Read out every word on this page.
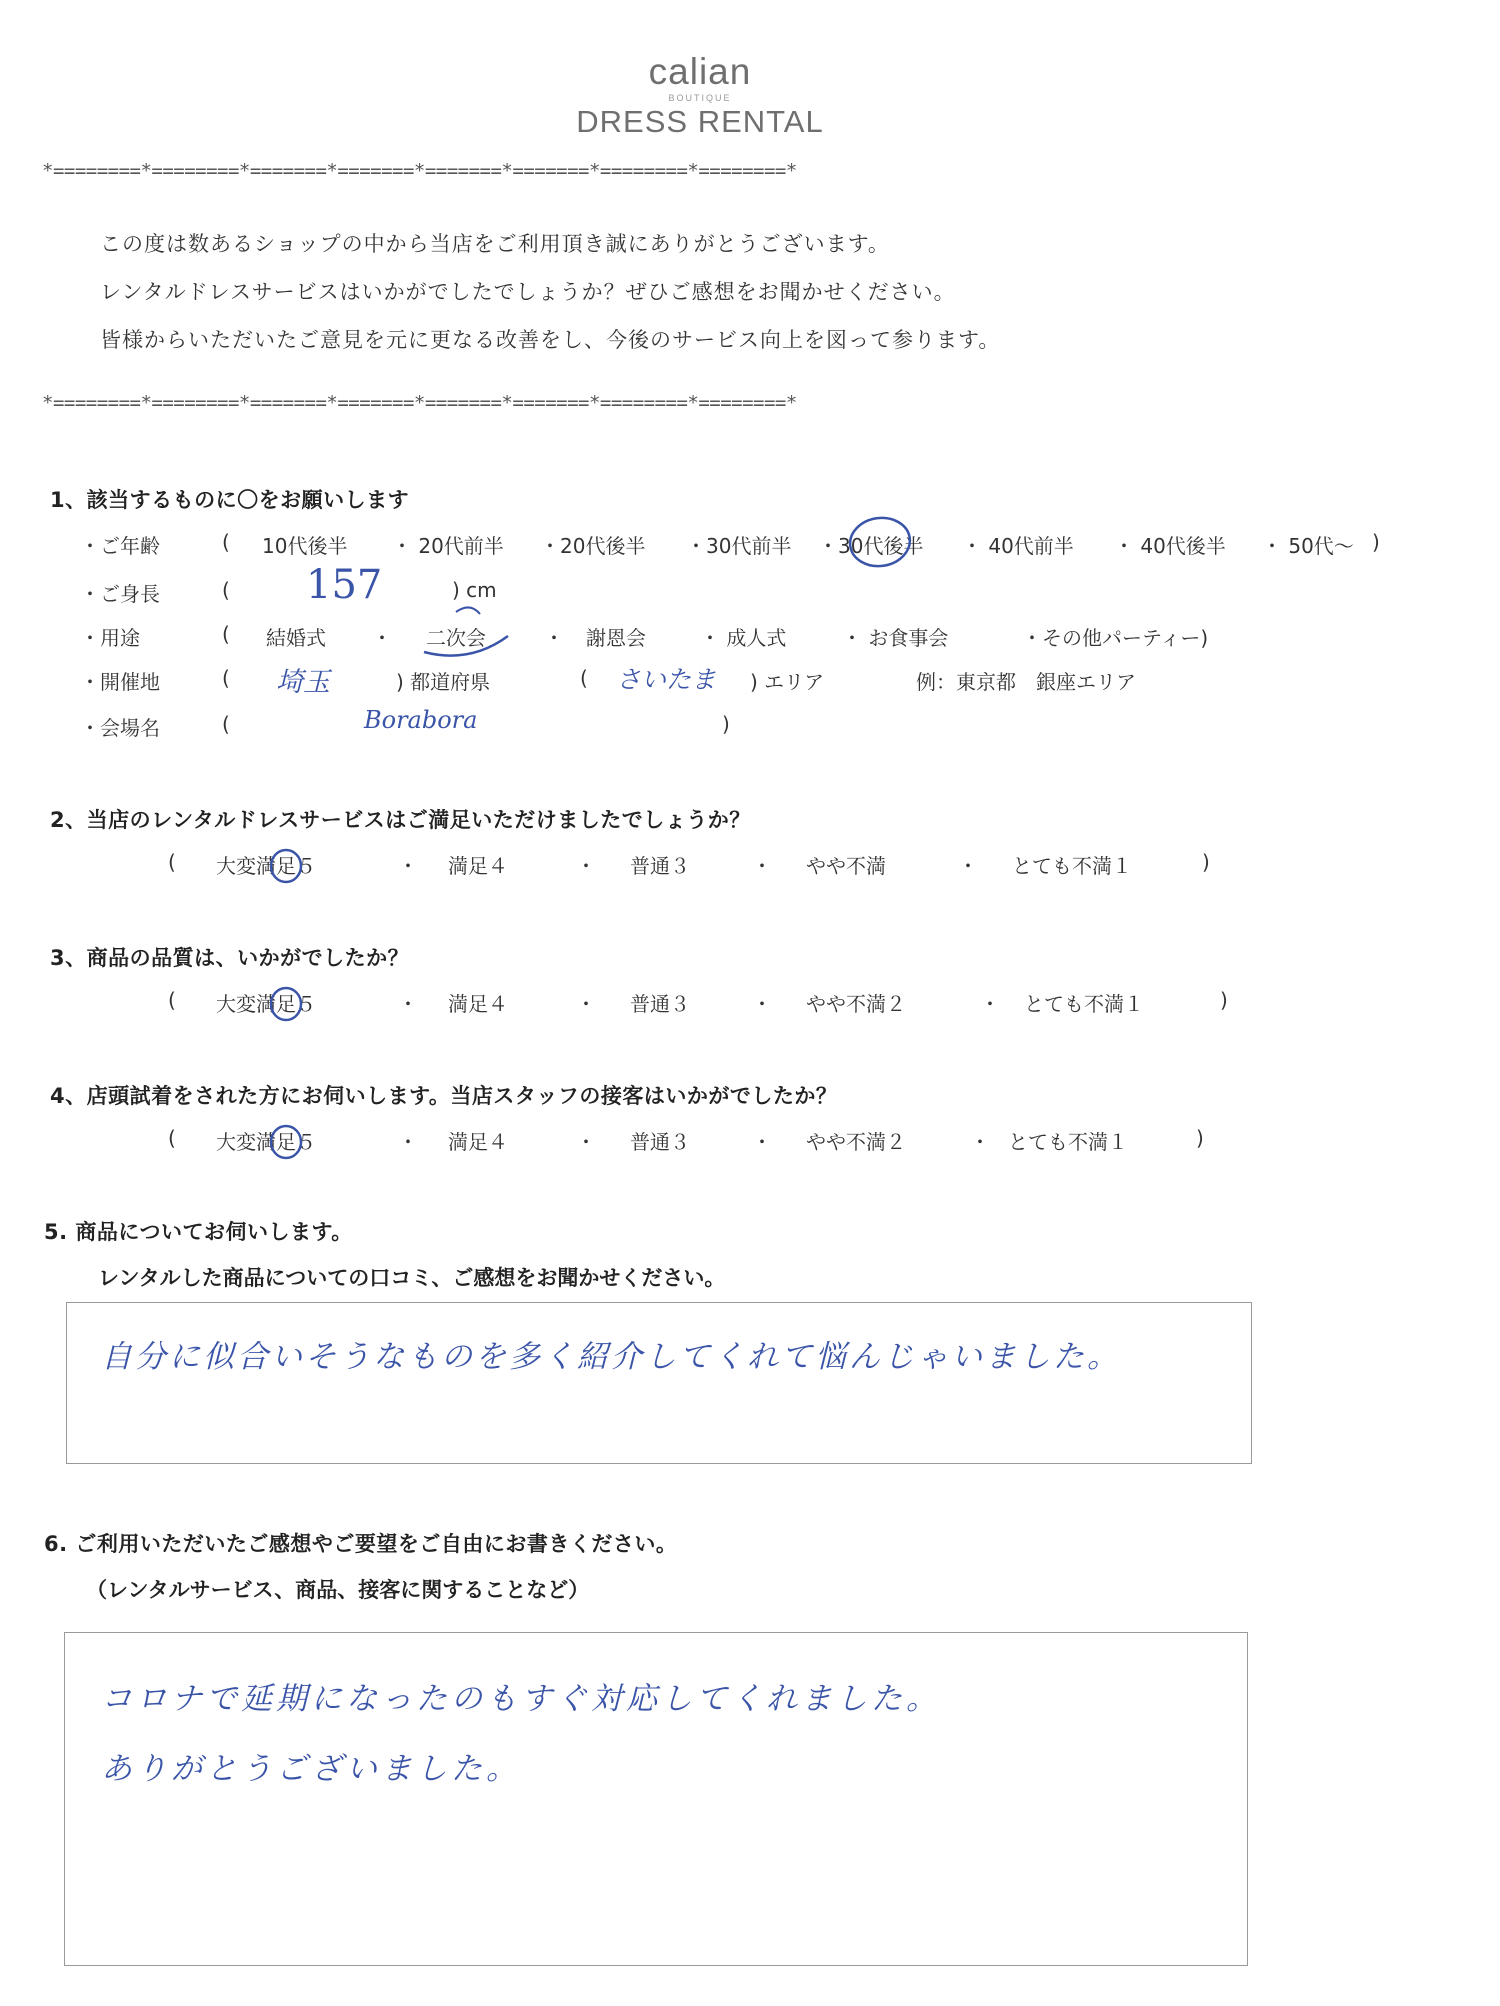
calian
BOUTIQUE
DRESS RENTAL
*========*========*=======*=======*=======*=======*========*========*
この度は数あるショップの中から当店をご利用頂き誠にありがとうございます。
レンタルドレスサービスはいかがでしたでしょうか？ぜひご感想をお聞かせください。
皆様からいただいたご意見を元に更なる改善をし、今後のサービス向上を図って参ります。
*========*========*=======*=======*=======*=======*========*========*
1、該当するものに〇をお願いします
・ご年齢	( 10代後半 ・ 20代前半 ・20代後半 ・30代前半 ・30代後半 ・ 40代前半 ・ 40代後半 ・ 50代～ )
・ご身長	( 157	) cm
・用途	( 結婚式 ・ 二次会	・ 謝恩会	・ 成人式	・ お食事会	・その他パーティー)
・開催地	( 埼玉	) 都道府県	( さいたま ) エリア	例：東京都　銀座エリア
・会場名	(	Borabora	)
2、当店のレンタルドレスサービスはご満足いただけましたでしょうか？
( 大変満足５	・ 満足４	・ 普通３	・ やや不満	・ とても不満１	)
3、商品の品質は、いかがでしたか？
( 大変満足５	・ 満足４	・ 普通３	・ やや不満２	・ とても不満１	)
4、店頭試着をされた方にお伺いします。当店スタッフの接客はいかがでしたか？
( 大変満足５	・ 満足４	・ 普通３	・ やや不満２	・ とても不満１	)
5. 商品についてお伺いします。
レンタルした商品についての口コミ、ご感想をお聞かせください。
自分に似合いそうなものを多く紹介してくれて悩んじゃいました。
6. ご利用いただいたご感想やご要望をご自由にお書きください。
（レンタルサービス、商品、接客に関することなど）
コロナで延期になったのもすぐ対応してくれました。
ありがとうございました。
